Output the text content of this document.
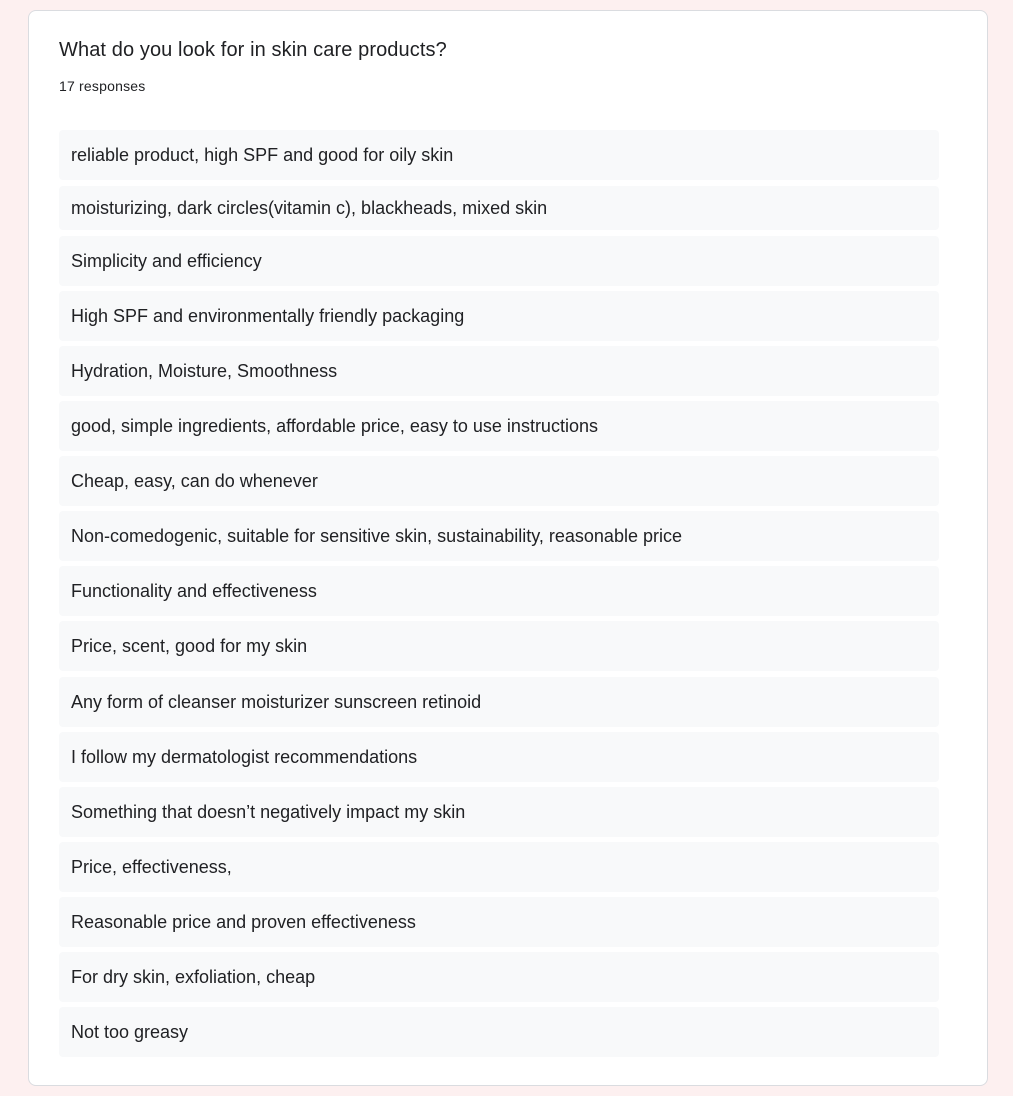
What do you look for in skin care products?
17 responses
reliable product, high SPF and good for oily skin
moisturizing, dark circles(vitamin c), blackheads, mixed skin
Simplicity and efficiency
High SPF and environmentally friendly packaging
Hydration, Moisture, Smoothness
good, simple ingredients, affordable price, easy to use instructions
Cheap, easy, can do whenever
Non-comedogenic, suitable for sensitive skin, sustainability, reasonable price
Functionality and effectiveness
Price, scent, good for my skin
Any form of cleanser moisturizer sunscreen retinoid
I follow my dermatologist recommendations
Something that doesn’t negatively impact my skin
Price, effectiveness,
Reasonable price and proven effectiveness
For dry skin, exfoliation, cheap
Not too greasy
